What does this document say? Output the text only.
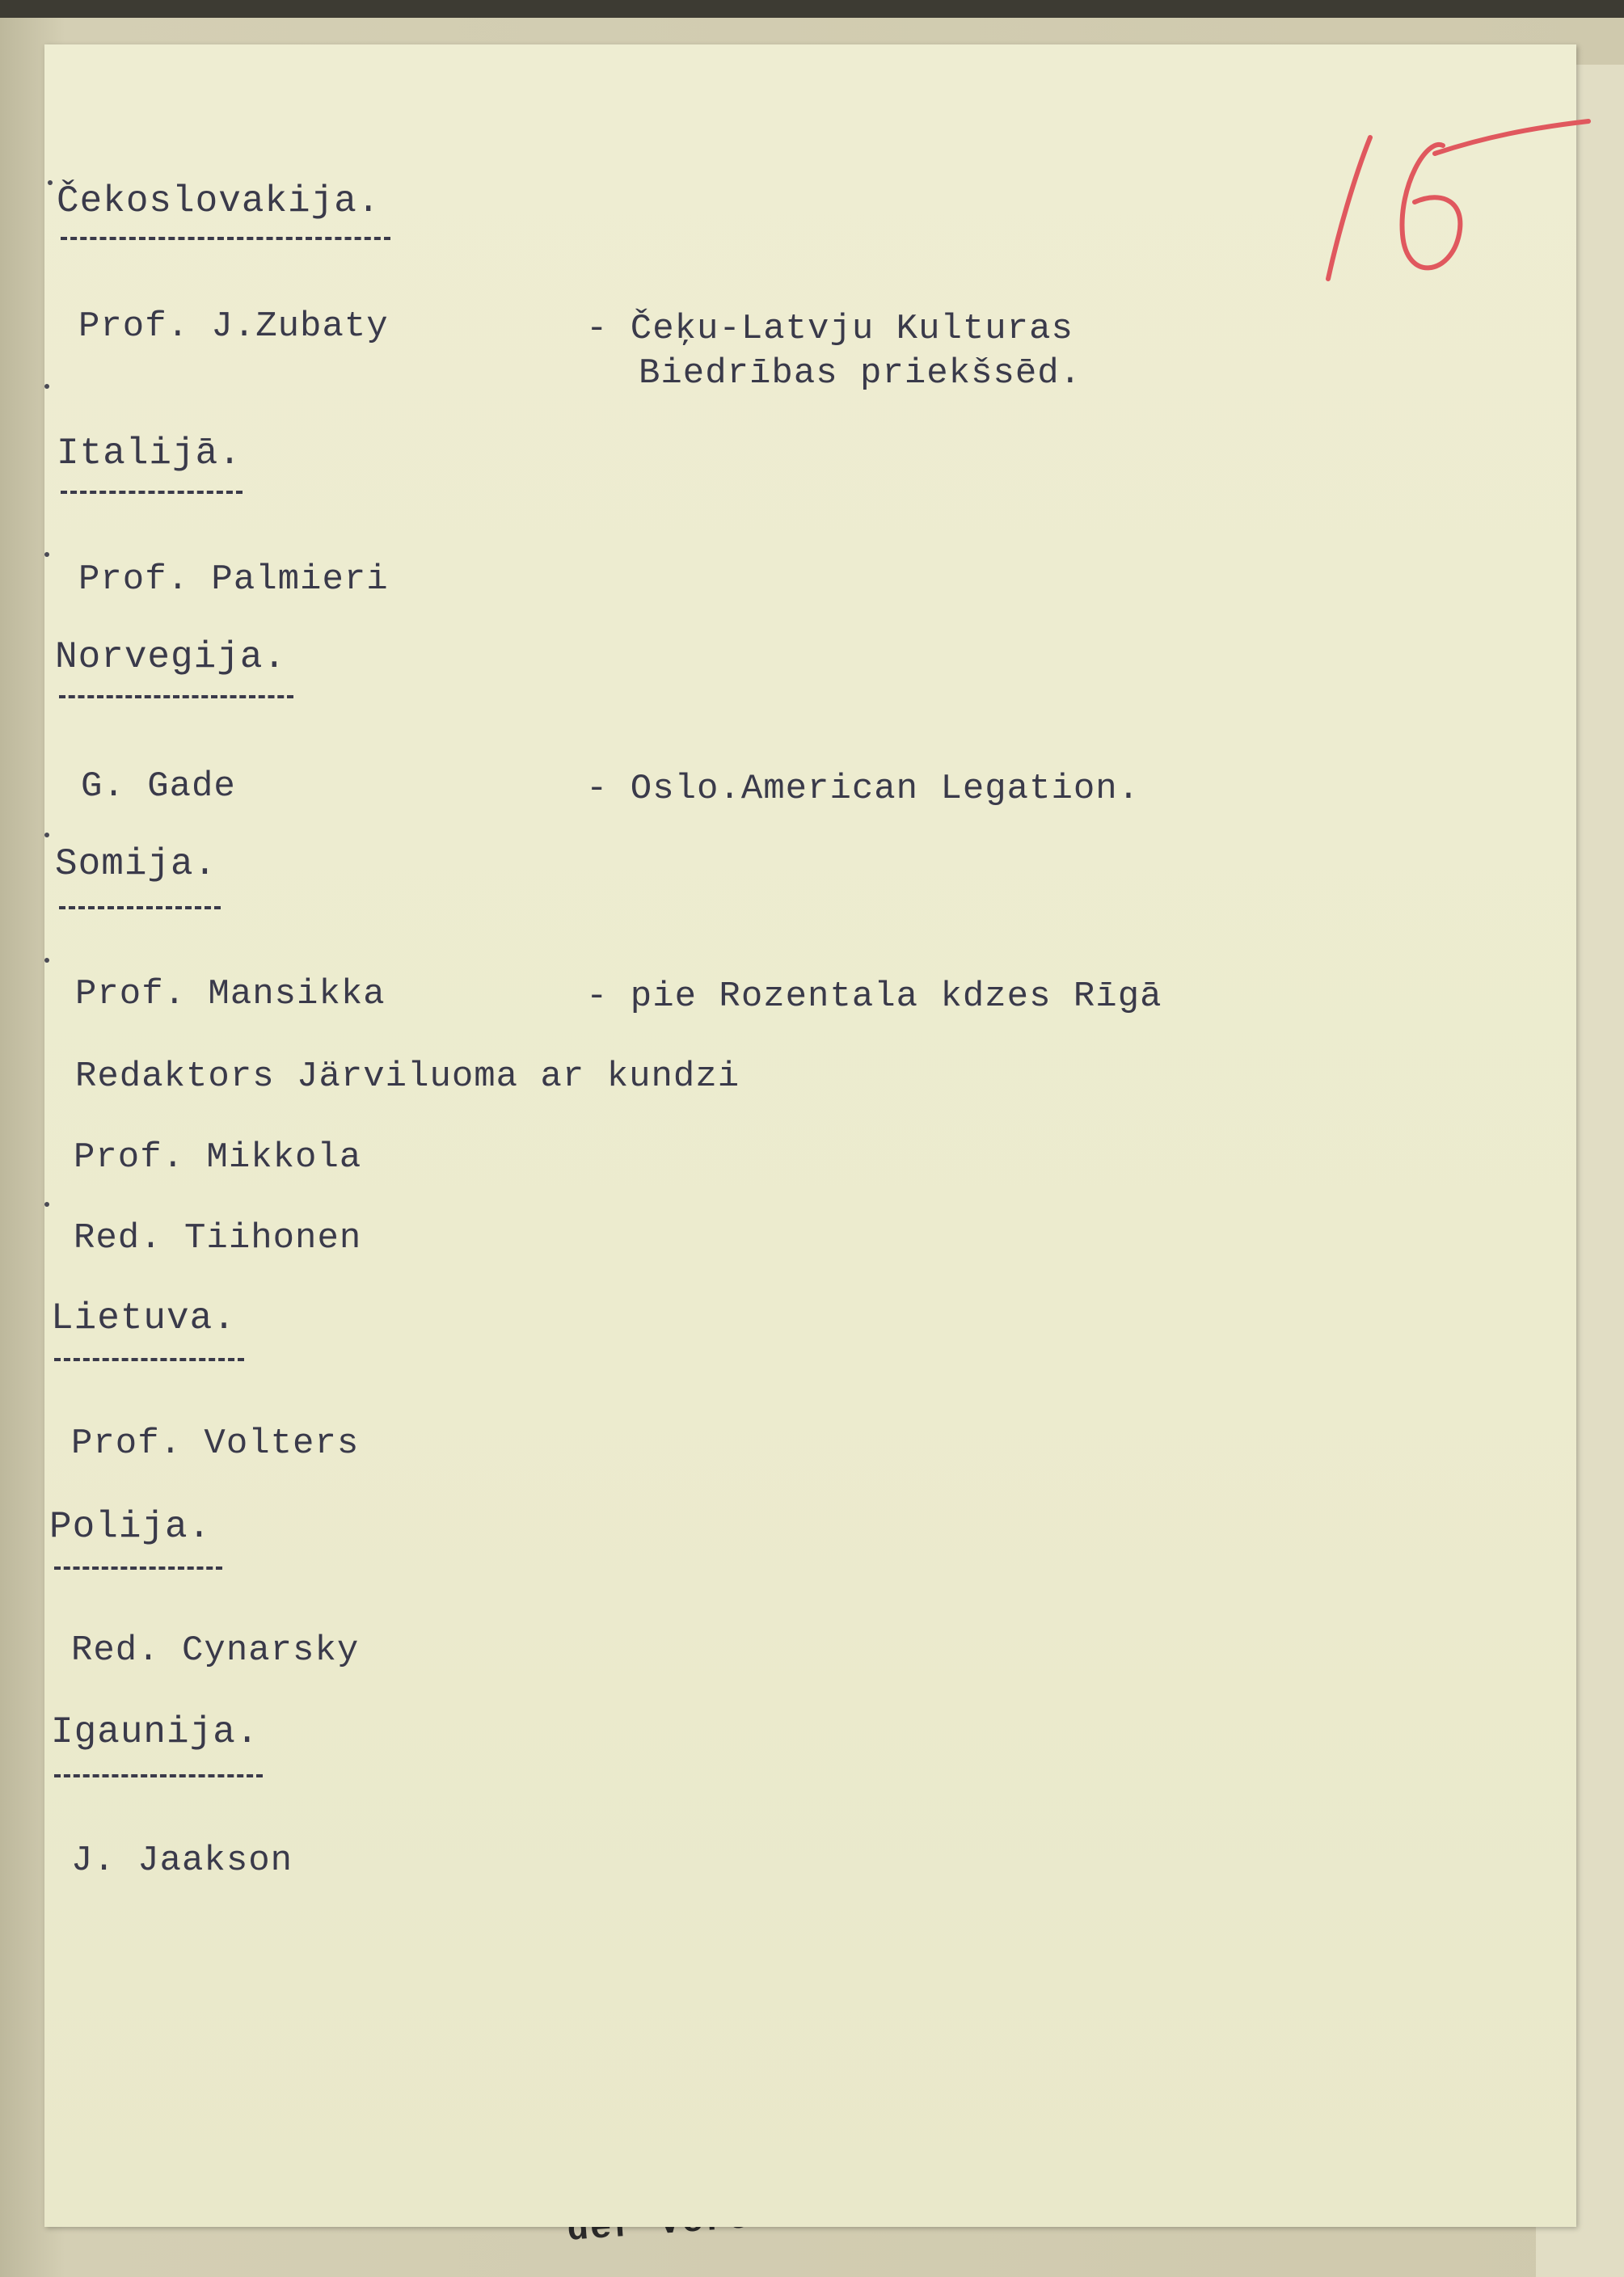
Čekoslovakija.
Prof. J.Zubaty	- Čeķu-Latvju Kulturas
Biedrības priekšsēd.
Italijā.
Prof. Palmieri
Norvegija.
G. Gade	- Oslo.American Legation.
Somija.
Prof. Mansikka	- pie Rozentala kdzes Rīgā
Redaktors Järviluoma ar kundzi
Prof. Mikkola
Red. Tiihonen
Lietuva.
Prof. Volters
Polija.
Red. Cynarsky
Igaunija.
J. Jaakson
